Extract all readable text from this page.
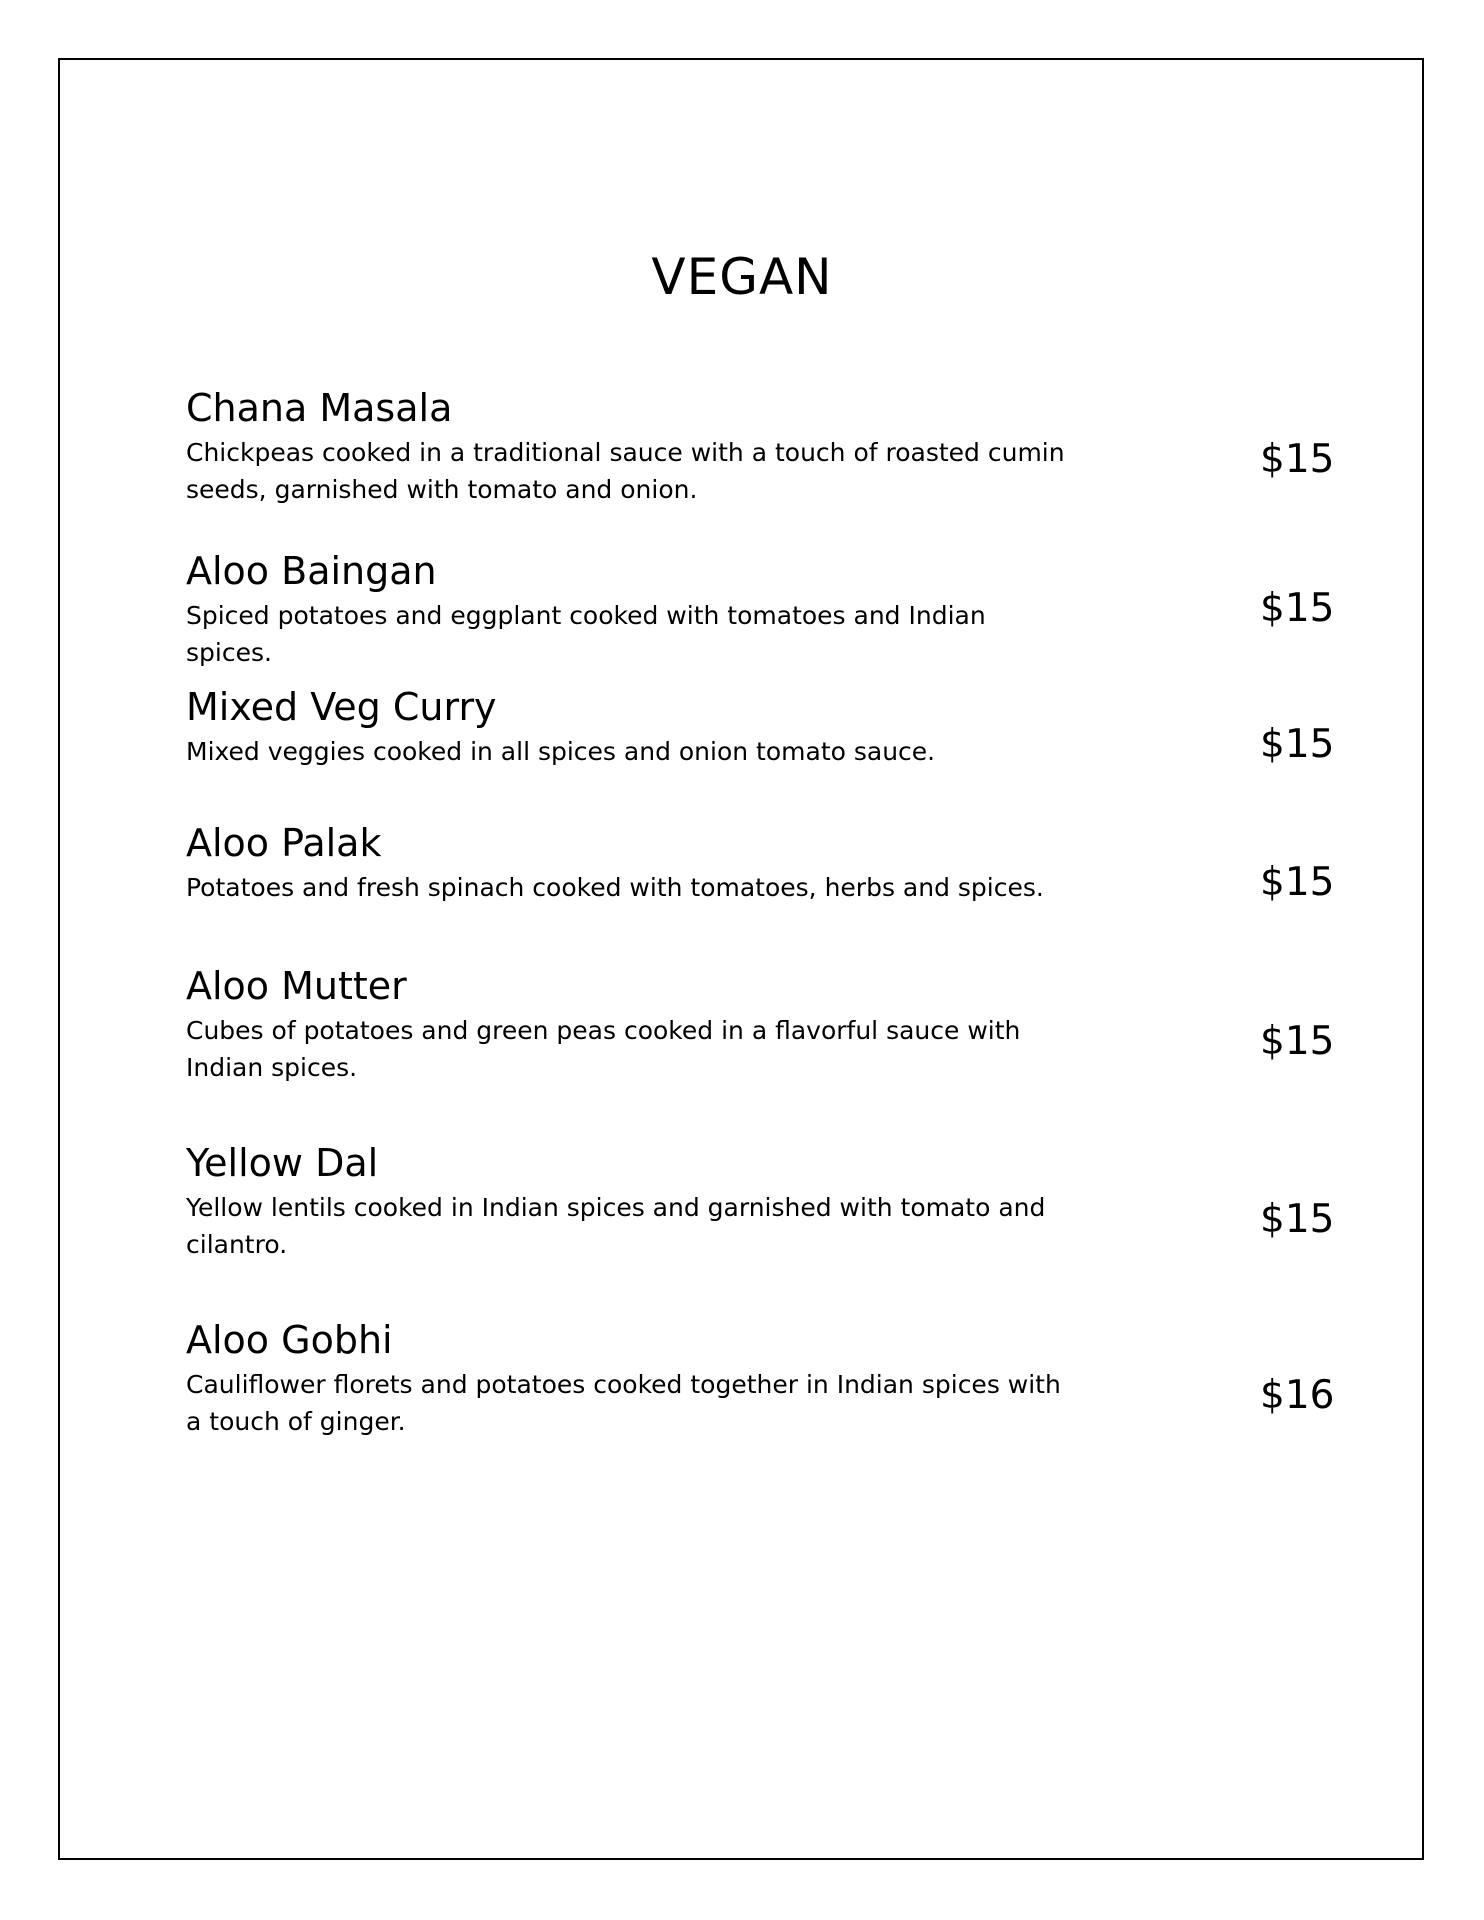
VEGAN
Chana Masala

Chickpeas cooked in a traditional sauce with a touch of roasted cumin seeds, garnished with tomato and onion.

$15
Aloo Baingan

Spiced potatoes and eggplant cooked with tomatoes and Indian spices.

$15
Mixed Veg Curry

Mixed veggies cooked in all spices and onion tomato sauce.	$15
Aloo Palak

Potatoes and fresh spinach cooked with tomatoes, herbs and spices.	$15
Aloo Mutter

Cubes of potatoes and green peas cooked in a flavorful sauce with Indian spices.

$15
Yellow Dal

Yellow lentils cooked in Indian spices and garnished with tomato and cilantro.

$15
Aloo Gobhi

Cauliflower florets and potatoes cooked together in Indian spices with a touch of ginger.

$16
